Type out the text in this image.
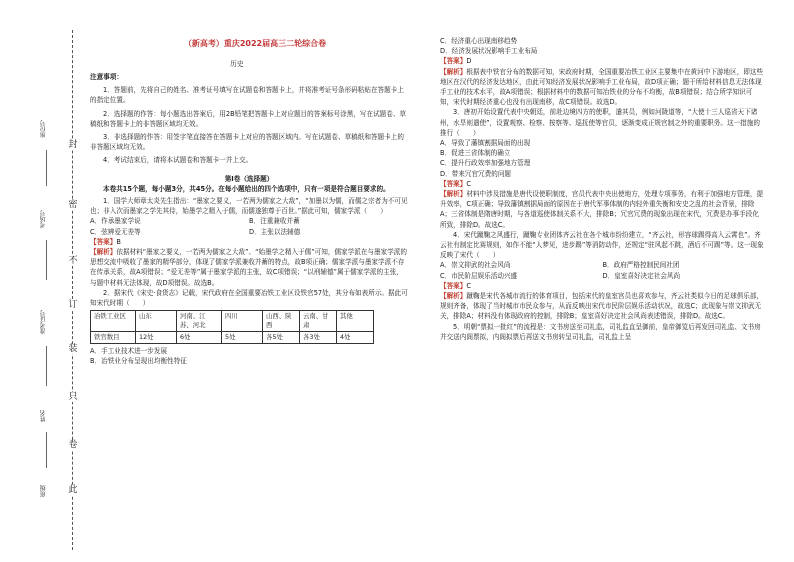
封
密
不
订
装
只
卷
此
座位号
考场号
准考证号
姓名
班级
（新高考）重庆2022届高三二轮综合卷
历史

注意事项：

1．答题前，先将自己的姓名、准考证号填写在试题卷和答题卡上，并将准考证号条形码粘贴在答题卡上的指定位置。

2．选择题的作答：每小题选出答案后，用2B铅笔把答题卡上对应题目的答案标号涂黑，写在试题卷、草稿纸和答题卡上的非答题区域均无效。

3．非选择题的作答：用签字笔直接答在答题卡上对应的答题区域内。写在试题卷、草稿纸和答题卡上的非答题区域均无效。

4．考试结束后，请将本试题卷和答题卡一并上交。

第Ⅰ卷（选择题）

本卷共15个题，每小题3分，共45分。在每小题给出的四个选项中，只有一项是符合题目要求的。

1．国学大师章太炎先生指出：“墨家之要义，一若两为儒家之大敌”，“加墨以为儒，而儒之宗者为不可见也；非入次而墨家之学先其侍，始墨学之精入于儒，而儒遂独尊于百世。”据此可知，儒家学派（　　）

A．作承墨家学说	B．注重兼收并蓄
C．弦辨爱无差等	D．主张以法辅德

【答案】B

【解析】依据材料“墨家之要义，一若两为儒家之大敌”、“始墨学之精入于儒”可知，儒家学派在与墨家学派的思想交流中吸收了墨家的精华部分，体现了儒家学派兼收并蓄的特点，故B项正确；儒家学派与墨家学派不存在传承关系，故A项错误；“爱无差等”属于墨家学派的主张，故C项错误；“以刑辅德”属于儒家学派的主张，与题中材料无法体现，故D项错误。故选B。

2．据宋代《宋史·食货志》记载，宋代政府在全国重要冶铁工业区设铁官57处，其分布如表所示。据此可知宋代时期（　　）

冶铁工业区	山东	河南、江苏、河北	四川	山西、陕西	云南、甘肃	其他
铁官数目	12处	6处	5处	各5处	各3处	4处

A．手工业技术进一步发展

B．冶铁业分布呈现出均衡性特征

C．经济重心出现南移趋势

D．经济发展状况影响手工业布局

【答案】D

【解析】根据表中铁官分布的数据可知，宋政府时期，全国重要冶铁工业区主要集中在黄河中下游地区，即这些地区在汉代的经济发达地区，由此可知经济发展状况影响手工业布局，故D项正确；题干所给材料信息无法体现手工业的技术水平，故A项错误；根据材料中的数据可知冶铁业的分布不均衡，故B项错误；结合所学知识可知，宋代时期经济重心也没有出现南移，故C项错误。故选D。

3．唐初开始设置代表中央朝廷，前赴边境四方的使职，遣其员，例如河陇道等，“大使十三人巡省天下诸州，水旱则遣使”，设置观察、检察、按察等、巡抚使等官员，逐渐变成正规官制之外的重要职务。这一措施的推行（　　）

A．导致了藩镇割据局面的出现

B．促进三省体制的确立

C．提升行政效率加强地方管理

D．带来冗官冗费的问题

【答案】C

【解析】材料中涉及措施是唐代设使职制度，官员代表中央出使地方，处理专项事务，有利于加强地方管理，提升效率，C项正确；导致藩镇割据局面的原因在于唐代军事体制的内轻外重失衡和安史之乱的社会背景，排除A；三省体制是隋唐时期，与各道巡使体制关系不大，排除B；冗官冗费的现象出现在宋代，冗费是办事手段化所致，排除D。故选C。

4．宋代蹴鞠之风盛行，蹴鞠专业团体齐云社在各个城市纷纷建立，“齐云社，形容球踢得高入云霄也”。齐云社有制定比赛规则，如作不能“人梦见，进步踢”等消防动作，还规定“驻风起不跳，酒后不可踢”等。这一现象反映了宋代（　　）

A．崇文抑武的社会风尚	B．政府严格控制民间社团
C．市民阶层娱乐活动兴盛	D．皇室喜好决定社会风尚

【答案】C

【解析】蹴鞠是宋代各城市流行的体育项目，包括宋代的皇室宫员也喜欢参与，齐云社类似今日的足球俱乐部，规则齐备，体现了当时城市市民众参与，从而反映出宋代市民阶层娱乐活动状况，故选C；此现象与崇文抑武无关，排除A；材料没有体现政府的控制，排除B；皇室喜好决定社会风尚表述错误，排除D。故选C。

5．明朝“票拟一批红”的流程是：文书房送至司礼监，司礼监直呈御前，皇帝御览后再发回司礼监、文书房并交送内阁票拟，内阁拟票后再送文书房转呈司礼监，司礼监上呈
